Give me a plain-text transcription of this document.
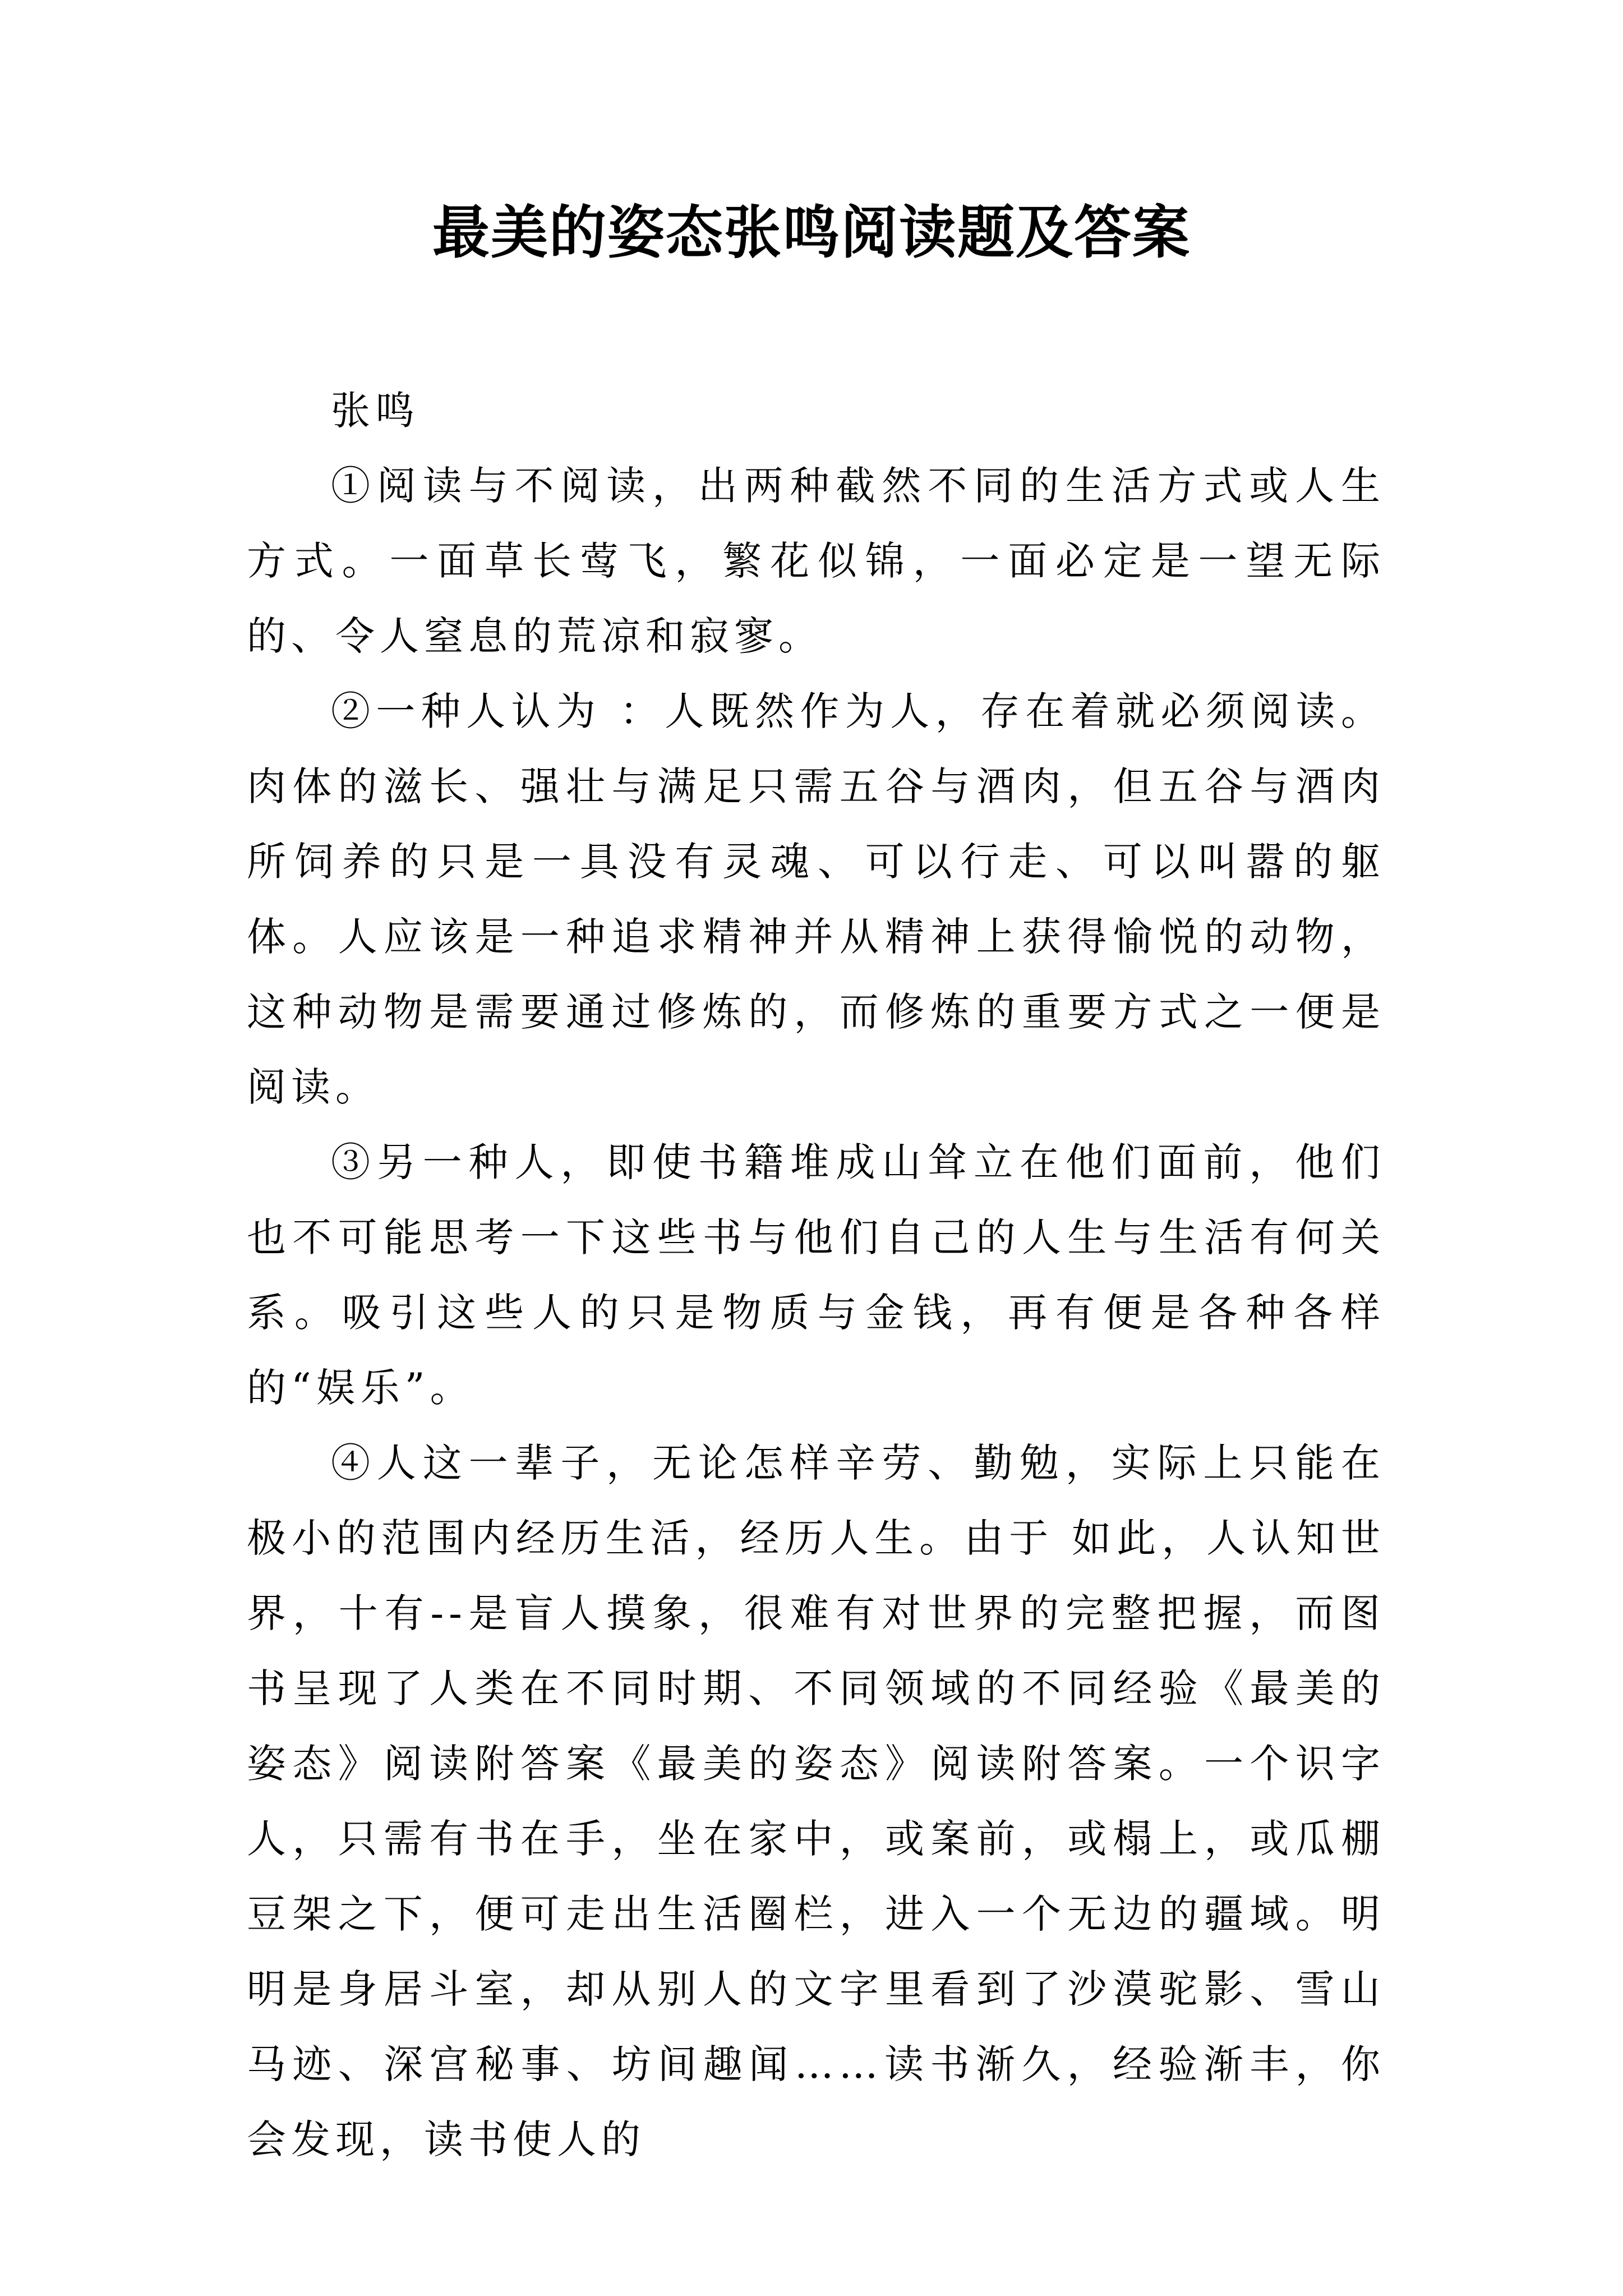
最美的姿态张鸣阅读题及答案

张鸣

①阅读与不阅读，出两种截然不同的生活方式或人生方式。一面草长莺飞，繁花似锦，一面必定是一望无际的、令人窒息的荒凉和寂寥。

②一种人认为 ：人既然作为人，存在着就必须阅读。肉体的滋长、强壮与满足只需五谷与酒肉，但五谷与酒肉所饲养的只是一具没有灵魂、可以行走、可以叫嚣的躯体。人应该是一种追求精神并从精神上获得愉悦的动物，这种动物是需要通过修炼的，而修炼的重要方式之一便是阅读。

③另一种人，即使书籍堆成山耸立在他们面前，他们也不可能思考一下这些书与他们自己的人生与生活有何关系。吸引这些人的只是物质与金钱，再有便是各种各样的“娱乐”。

④人这一辈子，无论怎样辛劳、勤勉，实际上只能在极小的范围内经历生活，经历人生。由于 如此，人认知世界，十有--是盲人摸象，很难有对世界的完整把握，而图书呈现了人类在不同时期、不同领域的不同经验《最美的姿态》阅读附答案《最美的姿态》阅读附答案。一个识字人，只需有书在手，坐在家中，或案前，或榻上，或瓜棚豆架之下，便可走出生活圈栏，进入一个无边的疆域。明明是身居斗室，却从别人的文字里看到了沙漠驼影、雪山马迹、深宫秘事、坊间趣闻……读书渐久，经验渐丰，你会发现，读书使人的
